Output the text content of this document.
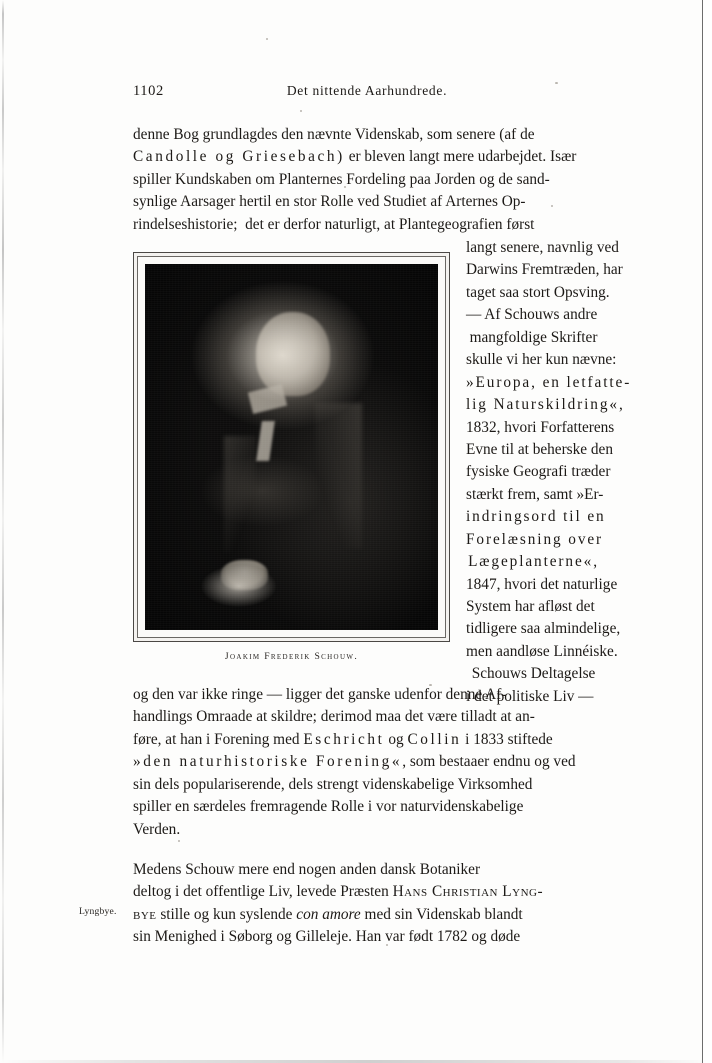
1102	Det nittende Aarhundrede.
denne Bog grundlagdes den nævnte Videnskab, som senere (af de

Candolle og Griesebach) er bleven langt mere udarbejdet. Især
spiller Kundskaben om Planternes Fordeling paa Jorden og de sand-

synlige Aarsager hertil en stor Rolle ved Studiet af Arternes Op-

rindelseshistorie;  det er derfor naturligt, at Plantegeografien først

Joakim Frederik Schouw.
langt senere, navnlig ved
Darwins Fremtræden, har
taget saa stort Opsving.
— Af Schouws andre
mangfoldige Skrifter
skulle vi her kun nævne:
»Europa, en letfatte-
lig Naturskildring«,
1832, hvori Forfatterens
Evne til at beherske den
fysiske Geografi træder
stærkt frem, samt »Er-
indringsord til en
Forelæsning over
Lægeplanterne«,
1847, hvori det naturlige
System har afløst det
tidligere saa almindelige,
men aandløse Linnéiske.
Schouws Deltagelse
i det politiske Liv —
og den var ikke ringe — ligger det ganske udenfor denne Af-
handlings Omraade at skildre; derimod maa det være tilladt at an-
føre, at han i Forening med Eschricht og Collin i 1833 stiftede
»den naturhistoriske Forening«, som bestaaer endnu og ved
sin dels populariserende, dels strengt videnskabelige Virksomhed
spiller en særdeles fremragende Rolle i vor naturvidenskabelige
Verden.
Medens Schouw mere end nogen anden dansk Botaniker
deltog i det offentlige Liv, levede Præsten Hans Christian Lyng-
bye stille og kun syslende con amore med sin Videnskab blandt
sin Menighed i Søborg og Gilleleje. Han var født 1782 og døde
Lyngbye.
